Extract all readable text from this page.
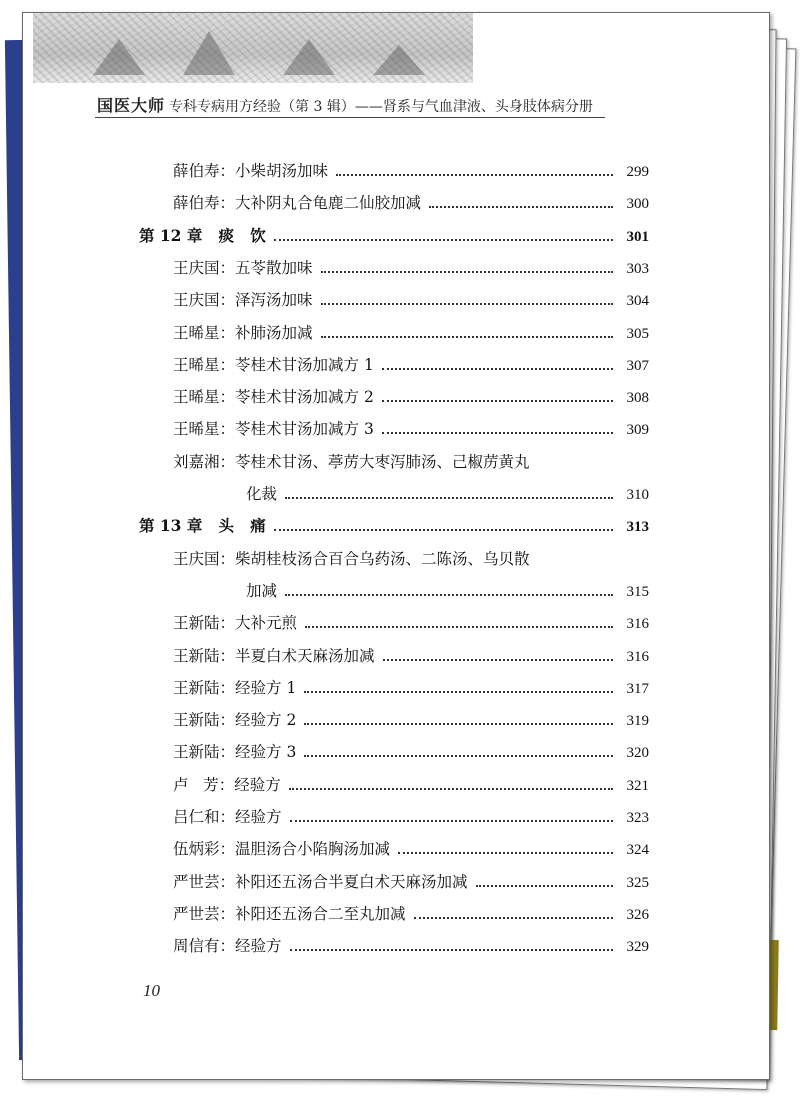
国医大师 专科专病用方经验（第 3 辑）——肾系与气血津液、头身肢体病分册
薛伯寿： 小柴胡汤加味	299
薛伯寿： 大补阴丸合龟鹿二仙胶加减	300
第 12 章   痰   饮	301
王庆国： 五苓散加味	303
王庆国： 泽泻汤加味	304
王晞星： 补肺汤加减	305
王晞星： 苓桂术甘汤加减方 1	307
王晞星： 苓桂术甘汤加减方 2	308
王晞星： 苓桂术甘汤加减方 3	309
刘嘉湘： 苓桂术甘汤、葶苈大枣泻肺汤、己椒苈黄丸
化裁	310
第 13 章   头   痛	313
王庆国： 柴胡桂枝汤合百合乌药汤、二陈汤、乌贝散
加减	315
王新陆： 大补元煎	316
王新陆： 半夏白术天麻汤加减	316
王新陆： 经验方 1	317
王新陆： 经验方 2	319
王新陆： 经验方 3	320
卢   芳： 经验方	321
吕仁和： 经验方	323
伍炳彩： 温胆汤合小陷胸汤加减	324
严世芸： 补阳还五汤合半夏白术天麻汤加减	325
严世芸： 补阳还五汤合二至丸加减	326
周信有： 经验方	329
10
